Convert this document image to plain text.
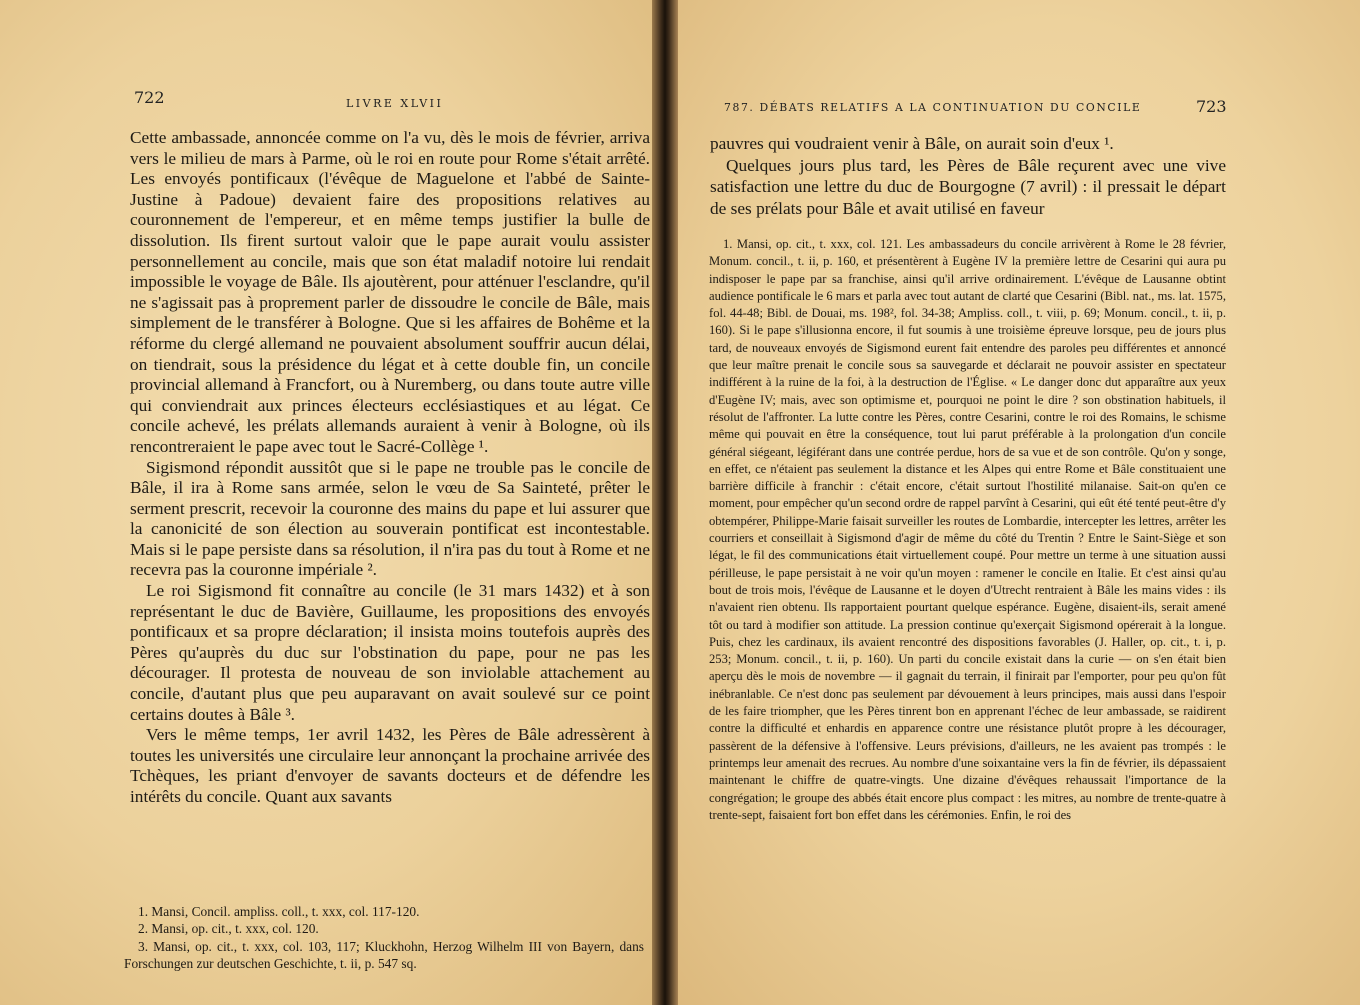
722	LIVRE XLVII

Cette ambassade, annoncée comme on l'a vu, dès le mois de février, arriva vers le milieu de mars à Parme, où le roi en route pour Rome s'était arrêté. Les envoyés pontificaux (l'évêque de Maguelone et l'abbé de Sainte-Justine à Padoue) devaient faire des propositions relatives au couronnement de l'empereur, et en même temps justifier la bulle de dissolution. Ils firent surtout valoir que le pape aurait voulu assister personnellement au concile, mais que son état maladif notoire lui rendait impossible le voyage de Bâle. Ils ajoutèrent, pour atténuer l'esclandre, qu'il ne s'agissait pas à proprement parler de dissoudre le concile de Bâle, mais simplement de le transférer à Bologne. Que si les affaires de Bohême et la réforme du clergé allemand ne pouvaient absolument souffrir aucun délai, on tiendrait, sous la présidence du légat et à cette double fin, un concile provincial allemand à Francfort, ou à Nuremberg, ou dans toute autre ville qui conviendrait aux princes électeurs ecclésiastiques et au légat. Ce concile achevé, les prélats allemands auraient à venir à Bologne, où ils rencontreraient le pape avec tout le Sacré-Collège ¹.

Sigismond répondit aussitôt que si le pape ne trouble pas le concile de Bâle, il ira à Rome sans armée, selon le vœu de Sa Sainteté, prêter le serment prescrit, recevoir la couronne des mains du pape et lui assurer que la canonicité de son élection au souverain pontificat est incontestable. Mais si le pape persiste dans sa résolution, il n'ira pas du tout à Rome et ne recevra pas la couronne impériale ².

Le roi Sigismond fit connaître au concile (le 31 mars 1432) et à son représentant le duc de Bavière, Guillaume, les propositions des envoyés pontificaux et sa propre déclaration; il insista moins toutefois auprès des Pères qu'auprès du duc sur l'obstination du pape, pour ne pas les décourager. Il protesta de nouveau de son inviolable attachement au concile, d'autant plus que peu auparavant on avait soulevé sur ce point certains doutes à Bâle ³.

Vers le même temps, 1er avril 1432, les Pères de Bâle adressèrent à toutes les universités une circulaire leur annonçant la prochaine arrivée des Tchèques, les priant d'envoyer de savants docteurs et de défendre les intérêts du concile. Quant aux savants

1. Mansi, Concil. ampliss. coll., t. xxx, col. 117-120.

2. Mansi, op. cit., t. xxx, col. 120.

3. Mansi, op. cit., t. xxx, col. 103, 117; Kluckhohn, Herzog Wilhelm III von Bayern, dans Forschungen zur deutschen Geschichte, t. ii, p. 547 sq.

787. DÉBATS RELATIFS A LA CONTINUATION DU CONCILE	723

pauvres qui voudraient venir à Bâle, on aurait soin d'eux ¹.

Quelques jours plus tard, les Pères de Bâle reçurent avec une vive satisfaction une lettre du duc de Bourgogne (7 avril) : il pressait le départ de ses prélats pour Bâle et avait utilisé en faveur

1. Mansi, op. cit., t. xxx, col. 121. Les ambassadeurs du concile arrivèrent à Rome le 28 février, Monum. concil., t. ii, p. 160, et présentèrent à Eugène IV la première lettre de Cesarini qui aura pu indisposer le pape par sa franchise, ainsi qu'il arrive ordinairement. L'évêque de Lausanne obtint audience pontificale le 6 mars et parla avec tout autant de clarté que Cesarini (Bibl. nat., ms. lat. 1575, fol. 44-48; Bibl. de Douai, ms. 198², fol. 34-38; Ampliss. coll., t. viii, p. 69; Monum. concil., t. ii, p. 160). Si le pape s'illusionna encore, il fut soumis à une troisième épreuve lorsque, peu de jours plus tard, de nouveaux envoyés de Sigismond eurent fait entendre des paroles peu différentes et annoncé que leur maître prenait le concile sous sa sauvegarde et déclarait ne pouvoir assister en spectateur indifférent à la ruine de la foi, à la destruction de l'Église. « Le danger donc dut apparaître aux yeux d'Eugène IV; mais, avec son optimisme et, pourquoi ne point le dire ? son obstination habituels, il résolut de l'affronter. La lutte contre les Pères, contre Cesarini, contre le roi des Romains, le schisme même qui pouvait en être la conséquence, tout lui parut préférable à la prolongation d'un concile général siégeant, légiférant dans une contrée perdue, hors de sa vue et de son contrôle. Qu'on y songe, en effet, ce n'étaient pas seulement la distance et les Alpes qui entre Rome et Bâle constituaient une barrière difficile à franchir : c'était encore, c'était surtout l'hostilité milanaise. Sait-on qu'en ce moment, pour empêcher qu'un second ordre de rappel parvînt à Cesarini, qui eût été tenté peut-être d'y obtempérer, Philippe-Marie faisait surveiller les routes de Lombardie, intercepter les lettres, arrêter les courriers et conseillait à Sigismond d'agir de même du côté du Trentin ? Entre le Saint-Siège et son légat, le fil des communications était virtuellement coupé. Pour mettre un terme à une situation aussi périlleuse, le pape persistait à ne voir qu'un moyen : ramener le concile en Italie. Et c'est ainsi qu'au bout de trois mois, l'évêque de Lausanne et le doyen d'Utrecht rentraient à Bâle les mains vides : ils n'avaient rien obtenu. Ils rapportaient pourtant quelque espérance. Eugène, disaient-ils, serait amené tôt ou tard à modifier son attitude. La pression continue qu'exerçait Sigismond opérerait à la longue. Puis, chez les cardinaux, ils avaient rencontré des dispositions favorables (J. Haller, op. cit., t. i, p. 253; Monum. concil., t. ii, p. 160). Un parti du concile existait dans la curie — on s'en était bien aperçu dès le mois de novembre — il gagnait du terrain, il finirait par l'emporter, pour peu qu'on fût inébranlable. Ce n'est donc pas seulement par dévouement à leurs principes, mais aussi dans l'espoir de les faire triompher, que les Pères tinrent bon en apprenant l'échec de leur ambassade, se raidirent contre la difficulté et enhardis en apparence contre une résistance plutôt propre à les décourager, passèrent de la défensive à l'offensive. Leurs prévisions, d'ailleurs, ne les avaient pas trompés : le printemps leur amenait des recrues. Au nombre d'une soixantaine vers la fin de février, ils dépassaient maintenant le chiffre de quatre-vingts. Une dizaine d'évêques rehaussait l'importance de la congrégation; le groupe des abbés était encore plus compact : les mitres, au nombre de trente-quatre à trente-sept, faisaient fort bon effet dans les cérémonies. Enfin, le roi des
